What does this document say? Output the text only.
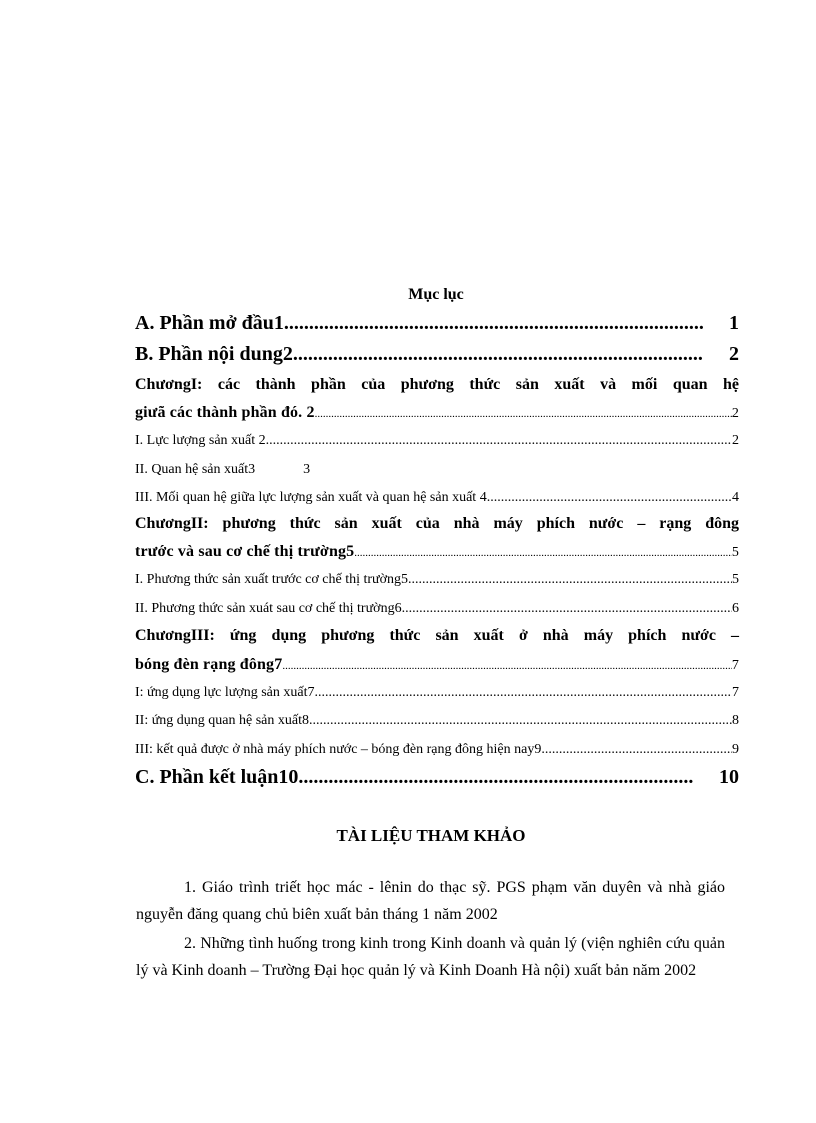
Mục lục
A. Phần mở đầu1 .....	1
B. Phần nội dung2 .....	2
ChươngI: các thành phần của phương thức sản xuất và mối quan hệ
giưã các thành phần đó. 2 .....	2
I. Lực lượng sản xuất 2 .....	2
II. Quan hệ sản xuất3	3
III. Mối quan hệ giữa lực lượng sản xuất và quan hệ sản xuất 4 .....	4
ChươngII: phương thức sản xuất của nhà máy phích nước – rạng đông
trước và sau cơ chế thị trường5 .....	5
I. Phương thức sản xuất trước cơ chế thị trường5 .....	5
II. Phương thức sản xuát sau cơ chế thị trường6 .....	6
ChươngIII: ứng dụng phương thức sản xuất ở nhà máy phích nước –
bóng đèn rạng đông7 .....	7
I: ứng dụng lực lượng sản xuất7 .....	7
II: ứng dụng quan hệ sản xuất8 .....	8
III: kết quả được ở nhà máy phích nước – bóng đèn rạng đông hiện nay9 .....	9
C. Phần kết luận10 .....	10
TÀI LIỆU THAM KHẢO
1. Giáo trình triết học mác - lênin do thạc sỹ. PGS phạm văn duyên và nhà giáo nguyễn đăng quang chủ biên xuất bản tháng 1 năm 2002
2. Những tình huống trong kinh trong Kinh doanh và quản lý (viện nghiên cứu quản lý và Kinh doanh – Trường Đại học quản lý và Kinh Doanh Hà nội) xuất bản năm 2002
